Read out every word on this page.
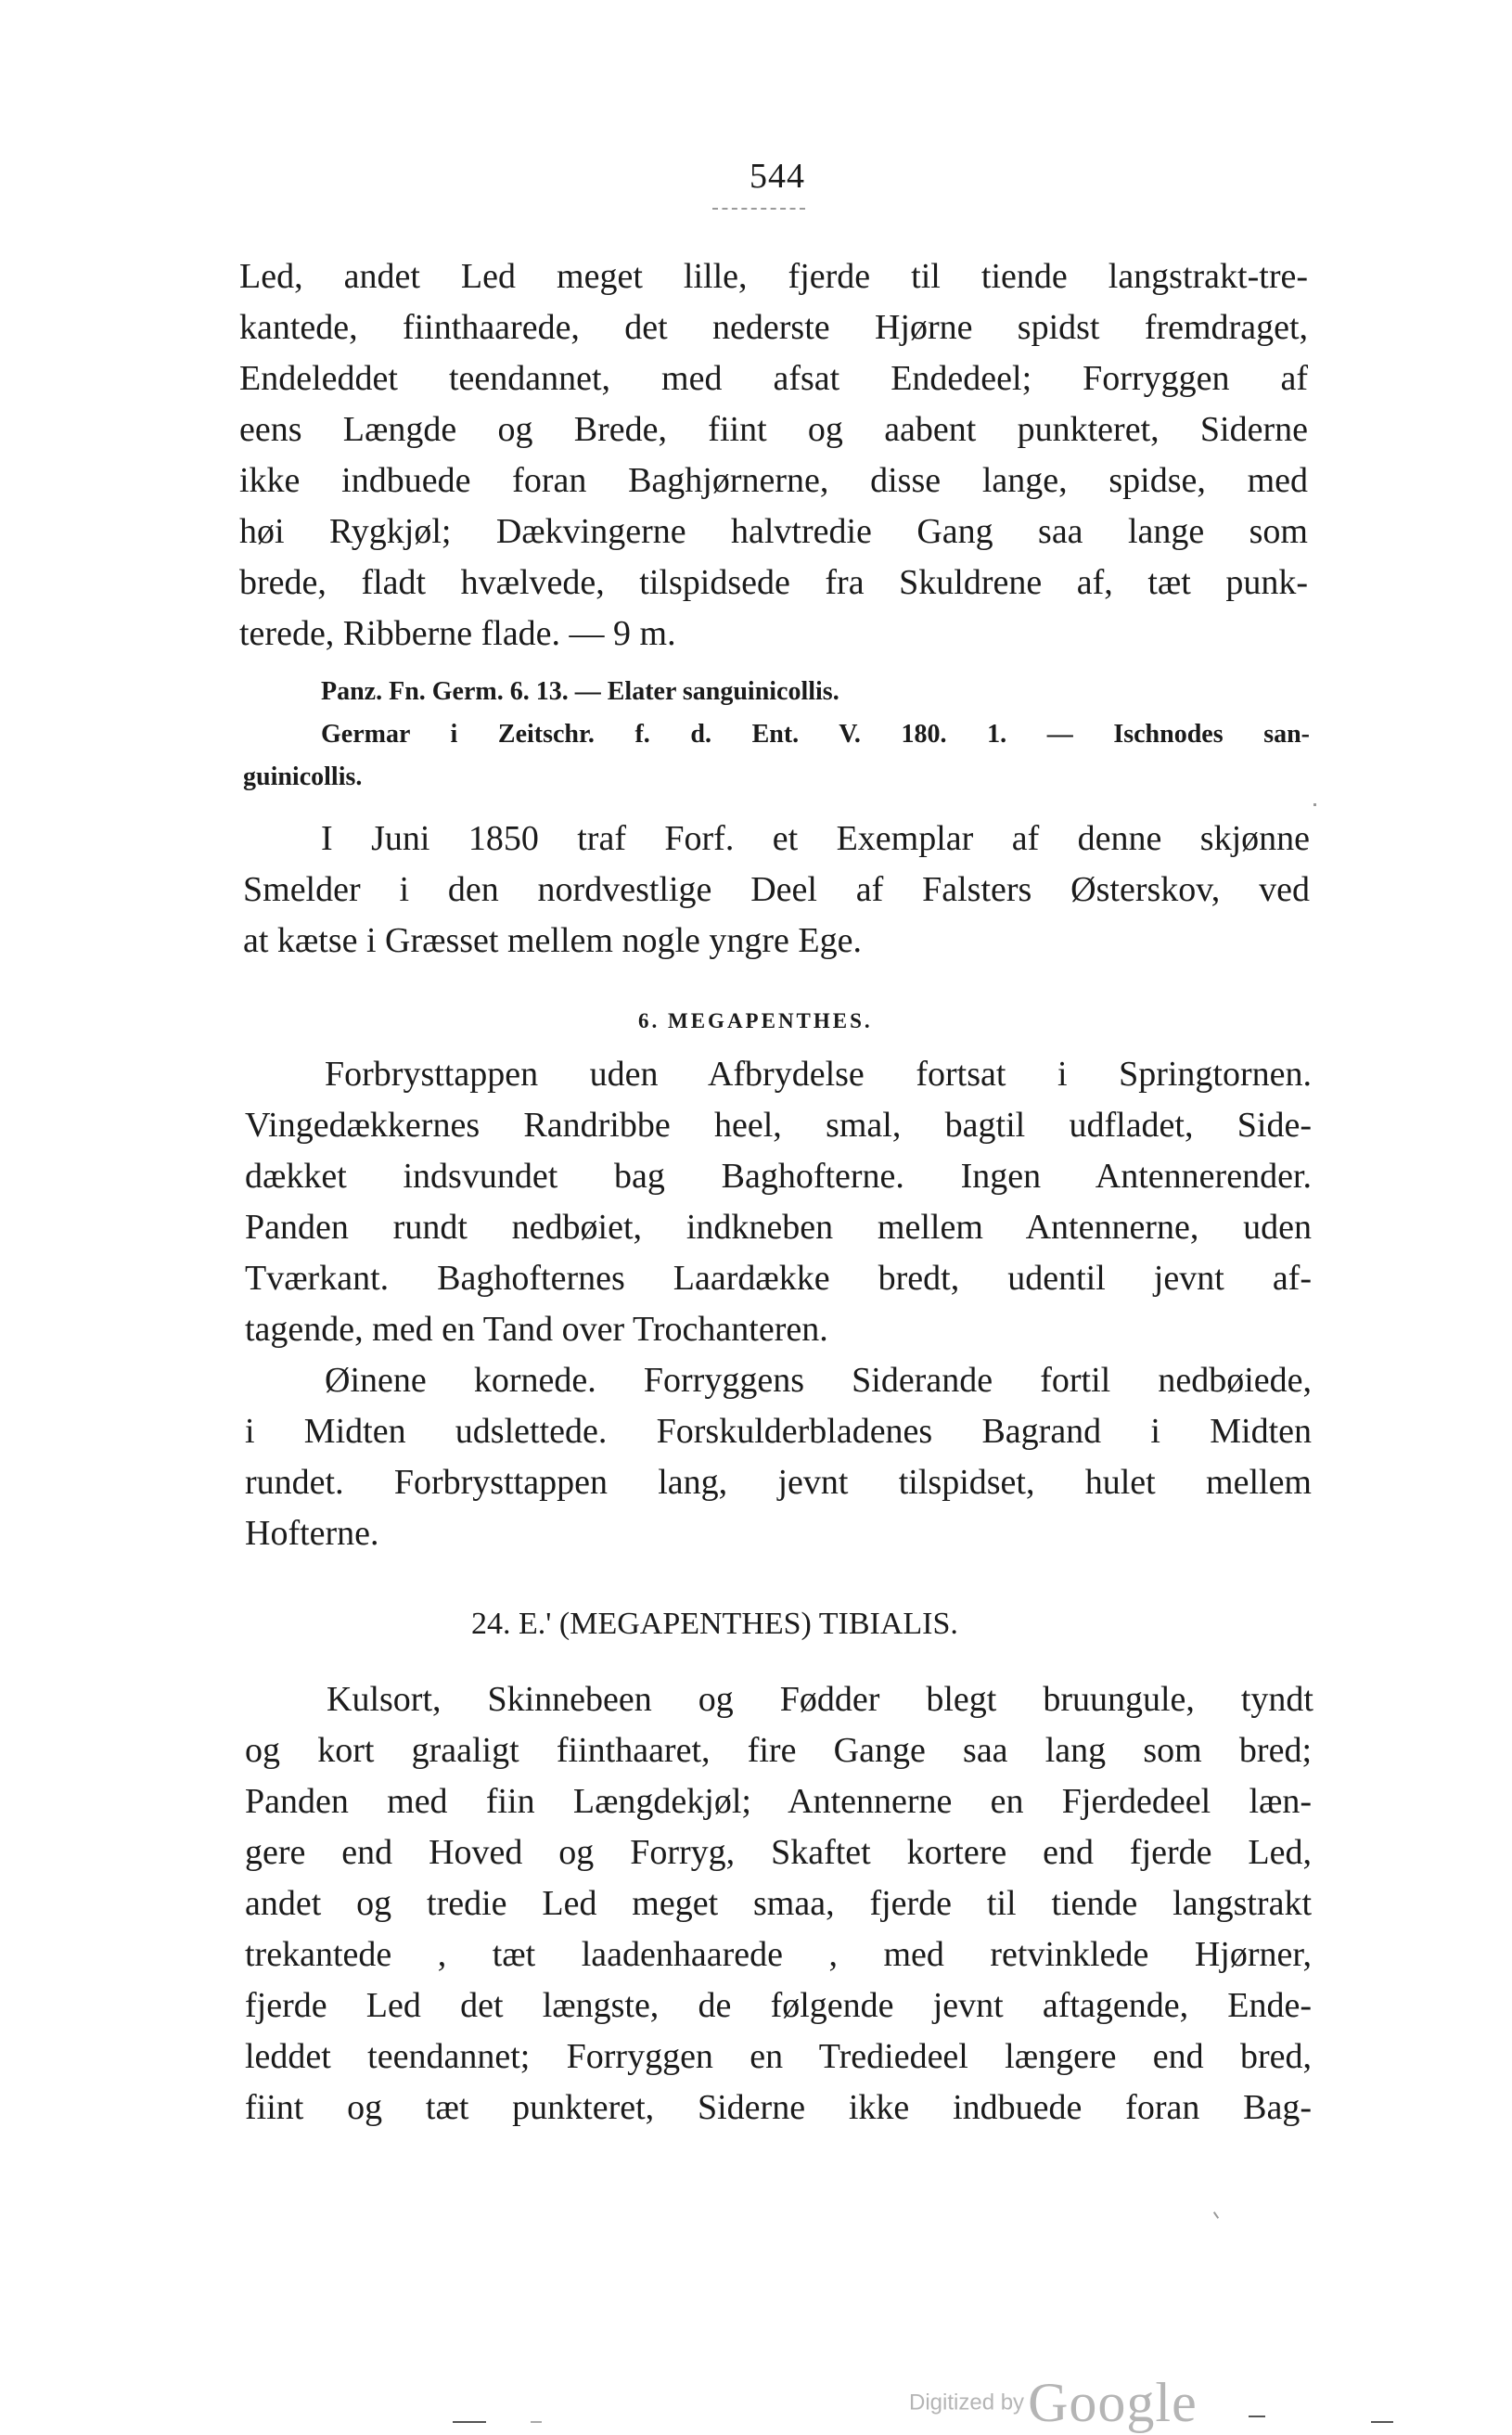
544
Led, andet Led meget lille, fjerde til tiende langstrakt-tre-
kantede, fiinthaarede, det nederste Hjørne spidst fremdraget,
Endeleddet teendannet, med afsat Endedeel; Forryggen af
eens Længde og Brede, fiint og aabent punkteret, Siderne
ikke indbuede foran Baghjørnerne, disse lange, spidse, med
høi Rygkjøl; Dækvingerne halvtredie Gang saa lange som
brede, fladt hvælvede, tilspidsede fra Skuldrene af, tæt punk-
terede, Ribberne flade. — 9 m.
Panz. Fn. Germ. 6. 13. — Elater sanguinicollis.
Germar i Zeitschr. f. d. Ent. V. 180. 1. — Ischnodes san-
guinicollis.
I Juni 1850 traf Forf. et Exemplar af denne skjønne
Smelder i den nordvestlige Deel af Falsters Østerskov, ved
at kætse i Græsset mellem nogle yngre Ege.
6. MEGAPENTHES.
Forbrysttappen uden Afbrydelse fortsat i Springtornen.
Vingedækkernes Randribbe heel, smal, bagtil udfladet, Side-
dækket indsvundet bag Baghofterne. Ingen Antennerender.
Panden rundt nedbøiet, indkneben mellem Antennerne, uden
Tværkant. Baghofternes Laardække bredt, udentil jevnt af-
tagende, med en Tand over Trochanteren.
Øinene kornede. Forryggens Siderande fortil nedbøiede,
i Midten udslettede. Forskulderbladenes Bagrand i Midten
rundet. Forbrysttappen lang, jevnt tilspidset, hulet mellem
Hofterne.
24. E.' (MEGAPENTHES) TIBIALIS.
Kulsort, Skinnebeen og Fødder blegt bruungule, tyndt
og kort graaligt fiinthaaret, fire Gange saa lang som bred;
Panden med fiin Længdekjøl; Antennerne en Fjerdedeel læn-
gere end Hoved og Forryg, Skaftet kortere end fjerde Led,
andet og tredie Led meget smaa, fjerde til tiende langstrakt
trekantede , tæt laadenhaarede , med retvinklede Hjørner,
fjerde Led det længste, de følgende jevnt aftagende, Ende-
leddet teendannet; Forryggen en Trediedeel længere end bred,
fiint og tæt punkteret, Siderne ikke indbuede foran Bag-
Digitized by Google
